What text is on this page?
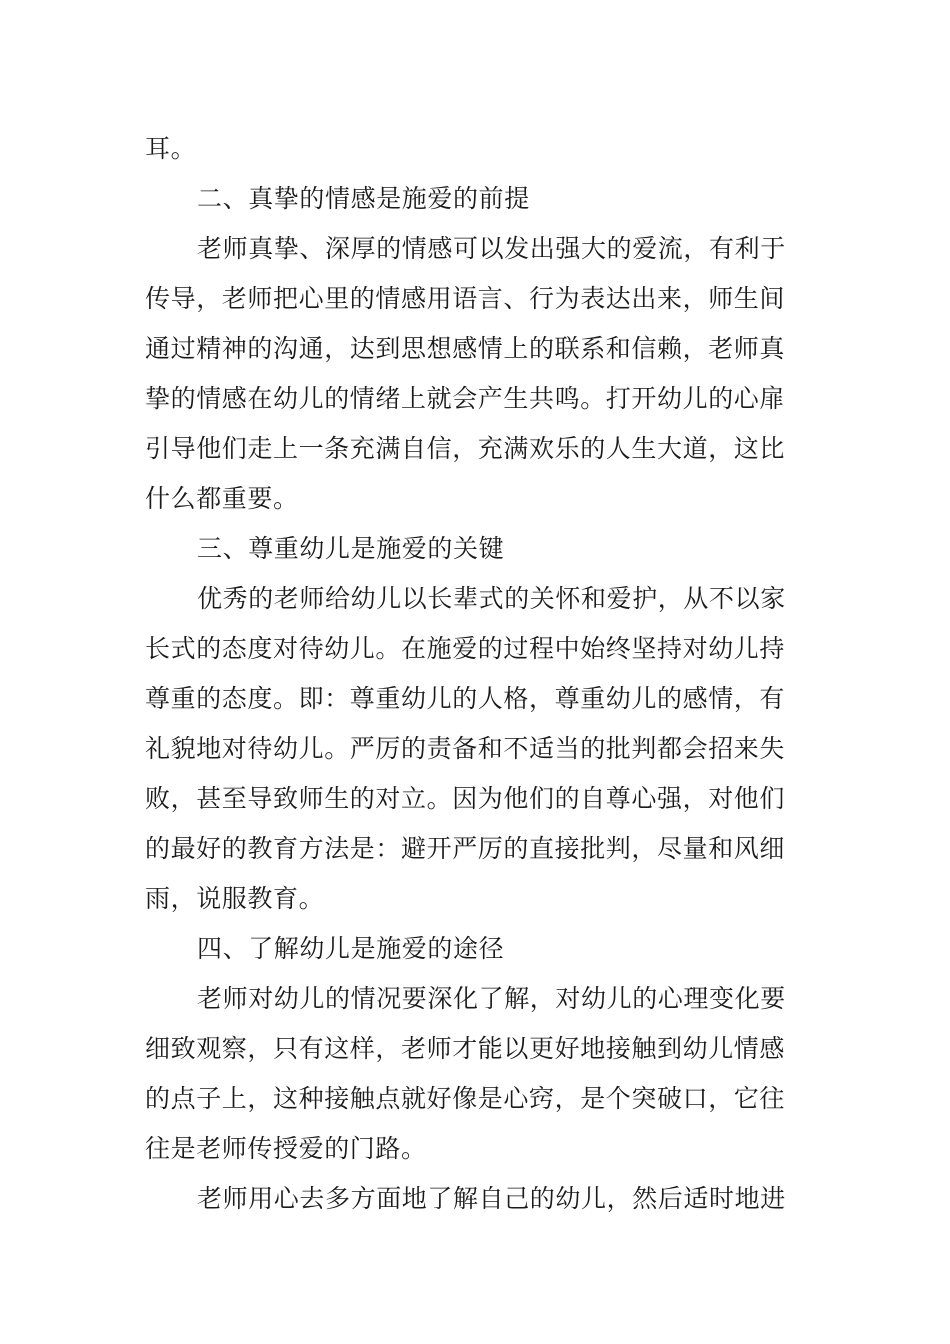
耳。
二、真挚的情感是施爱的前提
老师真挚、深厚的情感可以发出强大的爱流，有利于
传导，老师把心里的情感用语言、行为表达出来，师生间
通过精神的沟通，达到思想感情上的联系和信赖，老师真
挚的情感在幼儿的情绪上就会产生共鸣。打开幼儿的心扉
引导他们走上一条充满自信，充满欢乐的人生大道，这比
什么都重要。
三、尊重幼儿是施爱的关键
优秀的老师给幼儿以长辈式的关怀和爱护，从不以家
长式的态度对待幼儿。在施爱的过程中始终坚持对幼儿持
尊重的态度。即：尊重幼儿的人格，尊重幼儿的感情，有
礼貌地对待幼儿。严厉的责备和不适当的批判都会招来失
败，甚至导致师生的对立。因为他们的自尊心强，对他们
的最好的教育方法是：避开严厉的直接批判，尽量和风细
雨，说服教育。
四、了解幼儿是施爱的途径
老师对幼儿的情况要深化了解，对幼儿的心理变化要
细致观察，只有这样，老师才能以更好地接触到幼儿情感
的点子上，这种接触点就好像是心窍，是个突破口，它往
往是老师传授爱的门路。
老师用心去多方面地了解自己的幼儿，然后适时地进
